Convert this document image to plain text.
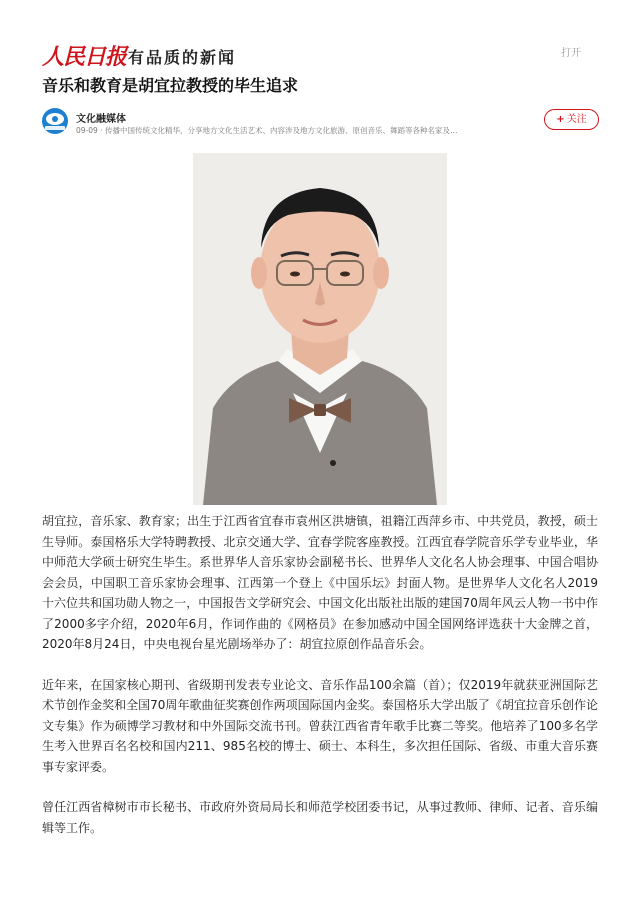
人民日报 有品质的新闻	打开
音乐和教育是胡宜拉教授的毕生追求
文化融媒体
09-09 · 传播中国传统文化精华，分享地方文化生活艺术、内容涉及地方文化旅游、原创音乐、舞蹈等各种名家及…
+ 关注

胡宜拉，音乐家、教育家；出生于江西省宜春市袁州区洪塘镇，祖籍江西萍乡市、中共党员，教授，硕士生导师。泰国格乐大学特聘教授、北京交通大学、宜春学院客座教授。江西宜春学院音乐学专业毕业，华中师范大学硕士研究生毕生。系世界华人音乐家协会副秘书长、世界华人文化名人协会理事、中国合唱协会会员，中国职工音乐家协会理事、江西第一个登上《中国乐坛》封面人物。是世界华人文化名人2019十六位共和国功勋人物之一，中国报告文学研究会、中国文化出版社出版的建国70周年风云人物一书中作了2000多字介绍，2020年6月，作词作曲的《网格员》在参加感动中国全国网络评选获十大金牌之首，2020年8月24日，中央电视台星光剧场举办了：胡宜拉原创作品音乐会。

近年来，在国家核心期刊、省级期刊发表专业论文、音乐作品100余篇（首）；仅2019年就获亚洲国际艺术节创作金奖和全国70周年歌曲征奖赛创作两项国际国内金奖。泰国格乐大学出版了《胡宜拉音乐创作论文专集》作为硕博学习教材和中外国际交流书刊。曾获江西省青年歌手比赛二等奖。他培养了100多名学生考入世界百名名校和国内211、985名校的博士、硕士、本科生，多次担任国际、省级、市重大音乐赛事专家评委。

曾任江西省樟树市市长秘书、市政府外资局局长和师范学校团委书记，从事过教师、律师、记者、音乐编辑等工作。
